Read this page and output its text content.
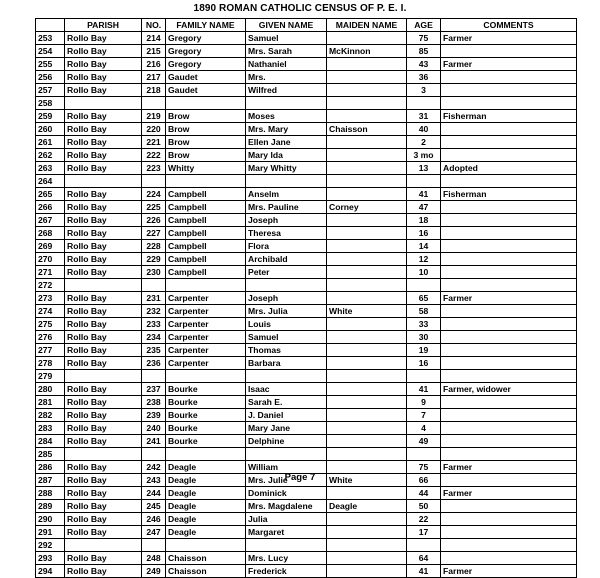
1890 ROMAN CATHOLIC CENSUS OF P. E. I.
	PARISH	NO.	FAMILY NAME	GIVEN NAME	MAIDEN NAME	AGE	COMMENTS
253	Rollo Bay	214	Gregory	Samuel		75	Farmer
254	Rollo Bay	215	Gregory	Mrs. Sarah	McKinnon	85	
255	Rollo Bay	216	Gregory	Nathaniel		43	Farmer
256	Rollo Bay	217	Gaudet	Mrs.		36	
257	Rollo Bay	218	Gaudet	Wilfred		3	
258							
259	Rollo Bay	219	Brow	Moses		31	Fisherman
260	Rollo Bay	220	Brow	Mrs. Mary	Chaisson	40	
261	Rollo Bay	221	Brow	Ellen Jane		2	
262	Rollo Bay	222	Brow	Mary Ida		3 mo	
263	Rollo Bay	223	Whitty	Mary Whitty		13	Adopted
264							
265	Rollo Bay	224	Campbell	Anselm		41	Fisherman
266	Rollo Bay	225	Campbell	Mrs. Pauline	Corney	47	
267	Rollo Bay	226	Campbell	Joseph		18	
268	Rollo Bay	227	Campbell	Theresa		16	
269	Rollo Bay	228	Campbell	Flora		14	
270	Rollo Bay	229	Campbell	Archibald		12	
271	Rollo Bay	230	Campbell	Peter		10	
272							
273	Rollo Bay	231	Carpenter	Joseph		65	Farmer
274	Rollo Bay	232	Carpenter	Mrs. Julia	White	58	
275	Rollo Bay	233	Carpenter	Louis		33	
276	Rollo Bay	234	Carpenter	Samuel		30	
277	Rollo Bay	235	Carpenter	Thomas		19	
278	Rollo Bay	236	Carpenter	Barbara		16	
279							
280	Rollo Bay	237	Bourke	Isaac		41	Farmer, widower
281	Rollo Bay	238	Bourke	Sarah E.		9	
282	Rollo Bay	239	Bourke	J. Daniel		7	
283	Rollo Bay	240	Bourke	Mary Jane		4	
284	Rollo Bay	241	Bourke	Delphine		49	
285							
286	Rollo Bay	242	Deagle	William		75	Farmer
287	Rollo Bay	243	Deagle	Mrs. Julie	White	66	
288	Rollo Bay	244	Deagle	Dominick		44	Farmer
289	Rollo Bay	245	Deagle	Mrs. Magdalene	Deagle	50	
290	Rollo Bay	246	Deagle	Julia		22	
291	Rollo Bay	247	Deagle	Margaret		17	
292							
293	Rollo Bay	248	Chaisson	Mrs. Lucy		64	
294	Rollo Bay	249	Chaisson	Frederick		41	Farmer
Page 7
